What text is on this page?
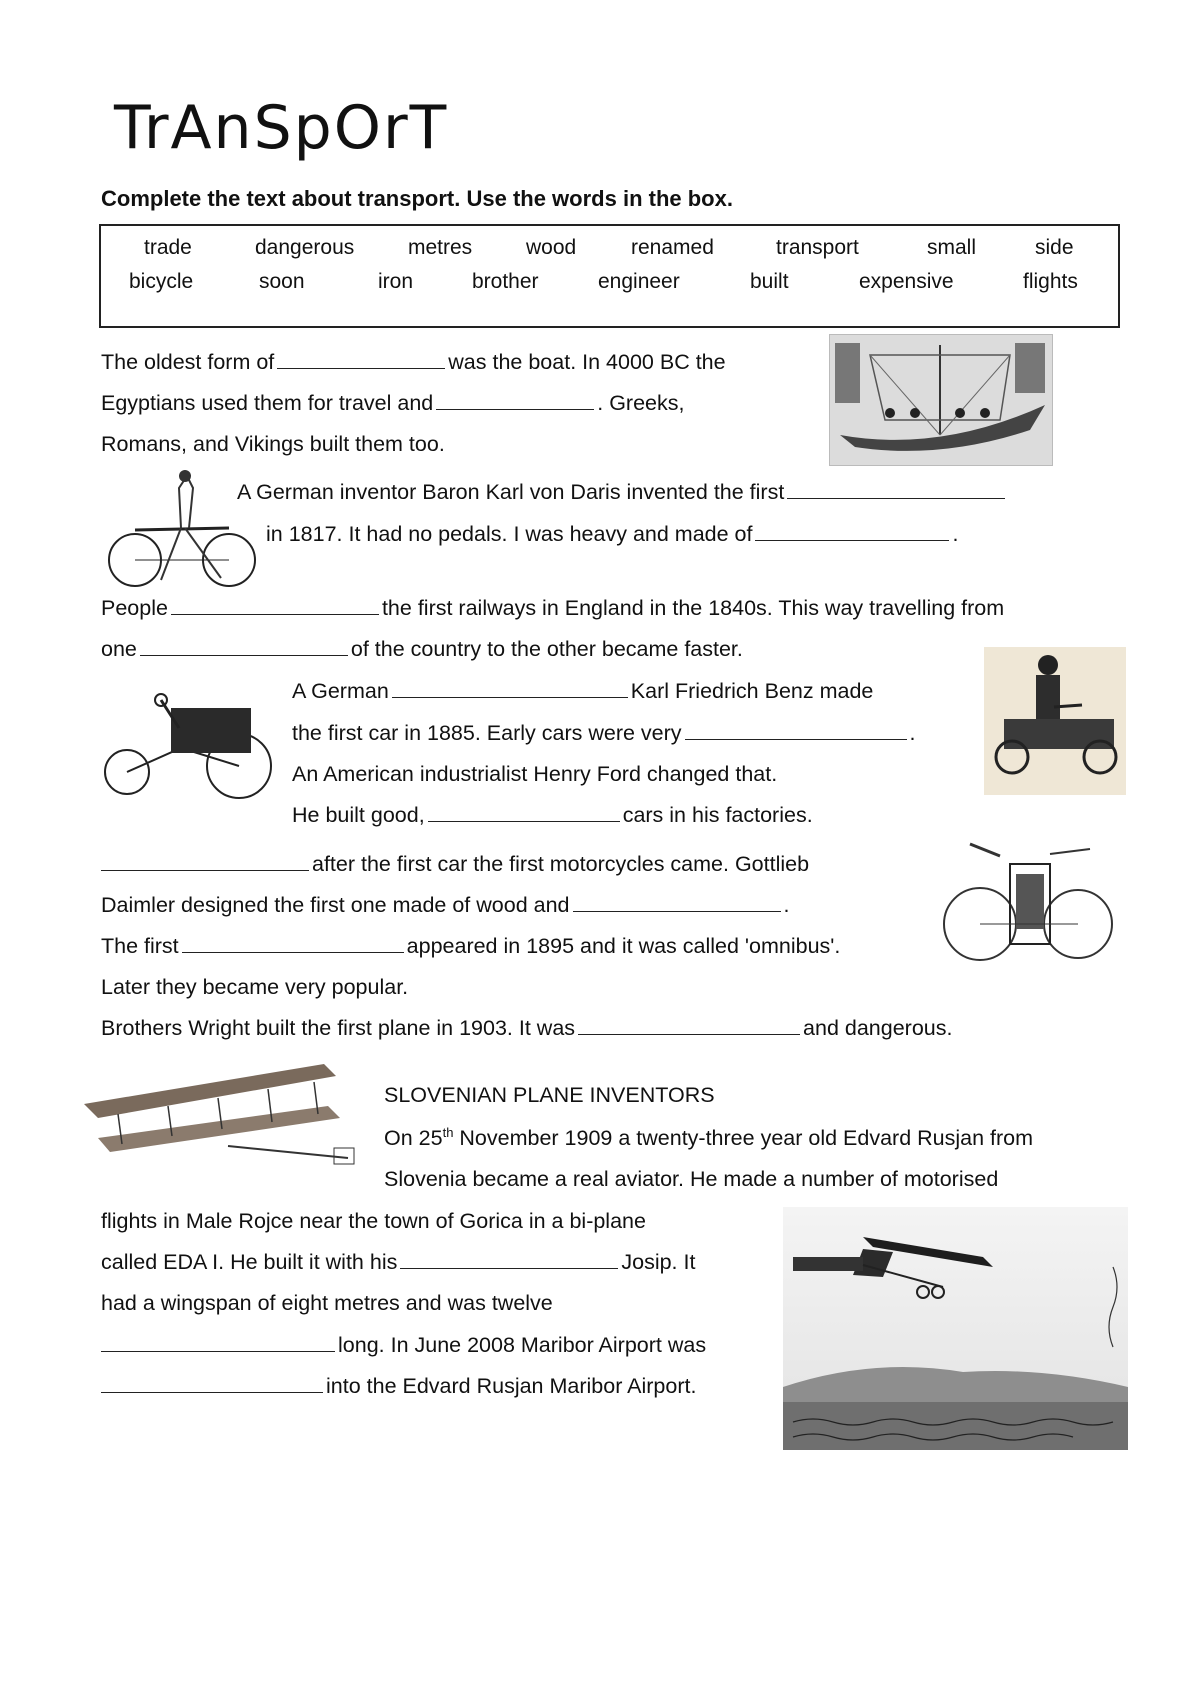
TrAnSpOrT
Complete the text about transport. Use the words in the box.
trade	dangerous	metres	wood	renamed	transport	small	side
bicycle	soon	iron	brother	engineer	built	expensive	flights
The oldest form of	was the boat. In 4000 BC the
Egyptians used them for travel and	. Greeks,
Romans, and Vikings built them too.
A German inventor Baron Karl von Daris invented the first
in 1817. It had no pedals. I was heavy and made of	.
People	the first railways in England in the 1840s. This way travelling from
one	of the country to the other became faster.
A German	Karl Friedrich Benz made
the first car in 1885. Early cars were very	.
An American industrialist Henry Ford changed that.
He built good,	cars in his factories.
after the first car the first motorcycles came. Gottlieb
Daimler designed the first one made of wood and	.
The first	appeared in 1895 and it was called 'omnibus'.
Later they became very popular.
Brothers Wright built the first plane in 1903. It was	and dangerous.
SLOVENIAN PLANE INVENTORS
On 25th November 1909 a twenty-three year old Edvard Rusjan from
Slovenia became a real aviator. He made a number of motorised
flights in Male Rojce near the town of Gorica in a bi-plane
called EDA I. He built it with his	Josip. It
had a wingspan of eight metres and was twelve
long. In June 2008 Maribor Airport was
into the Edvard Rusjan Maribor Airport.
